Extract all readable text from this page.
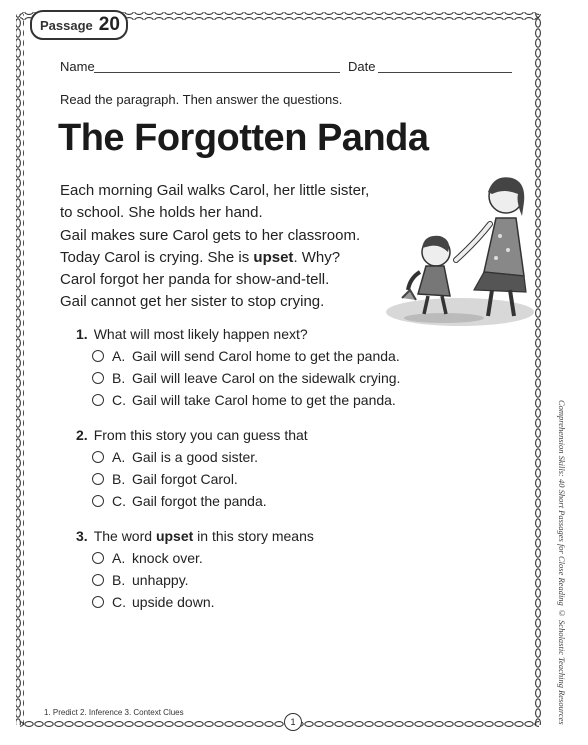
Passage 20
Name	Date
Read the paragraph. Then answer the questions.
The Forgotten Panda
Each morning Gail walks Carol, her little sister,
to school. She holds her hand.
Gail makes sure Carol gets to her classroom.
Today Carol is crying. She is upset. Why?
Carol forgot her panda for show-and-tell.
Gail cannot get her sister to stop crying.
1. What will most likely happen next?
A. Gail will send Carol home to get the panda.
B. Gail will leave Carol on the sidewalk crying.
C. Gail will take Carol home to get the panda.
2. From this story you can guess that
A. Gail is a good sister.
B. Gail forgot Carol.
C. Gail forgot the panda.
3. The word upset in this story means
A. knock over.
B. unhappy.
C. upside down.	Comprehension Skills: 40 Short Passages for Close Reading © Scholastic Teaching Resources
1. Predict 2. Inference 3. Context Clues
1
